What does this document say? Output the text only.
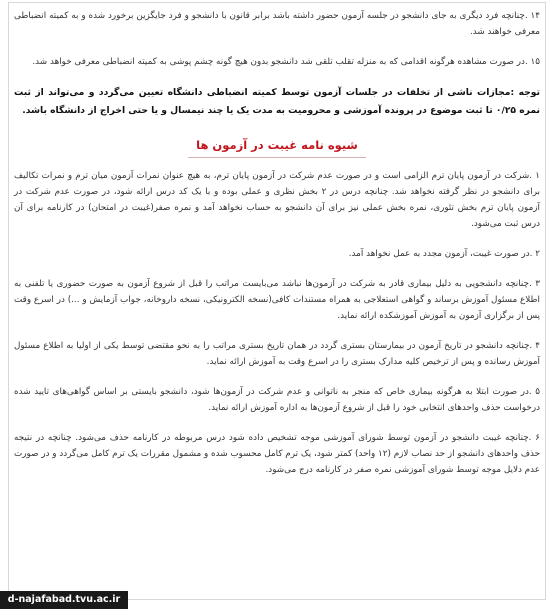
۱۴ .چنانچه فرد دیگری به جای دانشجو در جلسه آزمون حضور داشته باشد برابر قانون با دانشجو و فرد جایگزین برخورد شده و به کمیته انضباطی معرفی خواهند شد.

۱۵ .در صورت مشاهده هرگونه اقدامی که به منزله تقلب تلقی شد دانشجو بدون هیچ گونه چشم پوشی به کمیته انضباطی معرفی خواهد شد.

توجه :مجازات ناشی از تخلفات در جلسات آزمون توسط کمیته انضباطی دانشگاه تعیین می‌گردد و می‌تواند از ثبت نمره ۰/۲۵ تا ثبت موضوع در پرونده آموزشی و محرومیت به مدت یک یا چند نیمسال و یا حتی اخراج از دانشگاه باشد.

شیوه نامه غیبت در آزمون ها

۱ .شرکت در آزمون پایان ترم الزامی است و در صورت عدم شرکت در آزمون پایان ترم، به هیچ عنوان نمرات آزمون میان ترم و نمرات تکالیف برای دانشجو در نظر گرفته نخواهد شد. چنانچه درس در ۲ بخش نظری و عملی بوده و با یک کد درس ارائه شود، در صورت عدم شرکت در آزمون پایان ترم بخش تئوری، نمره بخش عملی نیز برای آن دانشجو به حساب نخواهد آمد و نمره صفر(غیبت در امتحان) در کارنامه برای آن درس ثبت می‌شود.

۲ .در صورت غیبت، آزمون مجدد به عمل نخواهد آمد.

۳ .چنانچه دانشجویی به دلیل بیماری قادر به شرکت در آزمون‌ها نباشد می‌بایست مراتب را قبل از شروع آزمون به صورت حضوری یا تلفنی به اطلاع مسئول آموزش برساند و گواهی استعلاجی به همراه مستندات کافی(نسخه الکترونیکی، نسخه داروخانه، جواب آزمایش و ...) در اسرع وقت پس از برگزاری آزمون به آموزش آموزشکده ارائه نماید.

۴ .چنانچه دانشجو در تاریخ آزمون در بیمارستان بستری گردد در همان تاریخ بستری مراتب را به نحو مقتضی توسط یکی از اولیا به اطلاع مسئول آموزش رسانده و پس از ترخیص کلیه مدارک بستری را در اسرع وقت به آموزش ارائه نماید.

۵ .در صورت ابتلا به هرگونه بیماری خاص که منجر به ناتوانی و عدم شرکت در آزمون‌ها شود، دانشجو بایستی بر اساس گواهی‌های تایید شده درخواست حذف واحدهای انتخابی خود را قبل از شروع آزمون‌ها به اداره آموزش ارائه نماید.

۶ .چنانچه غیبت دانشجو در آزمون توسط شورای آموزشی موجه تشخیص داده شود درس مربوطه در کارنامه حذف می‌شود. چنانچه در نتیجه حذف واحدهای دانشجو از حد نصاب لازم (۱۲ واحد) کمتر شود، یک ترم کامل محسوب شده و مشمول مقررات یک ترم کامل می‌گردد و در صورت عدم دلایل موجه توسط شورای آموزشی نمره صفر در کارنامه درج می‌شود.

d-najafabad.tvu.ac.ir
